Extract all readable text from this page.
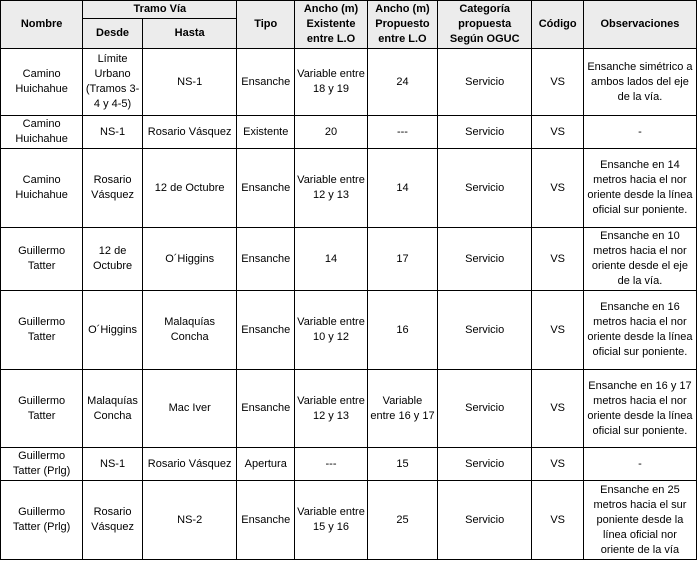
Nombre	Tramo Vía		Tipo	Ancho (m) Existente entre L.O	Ancho (m) Propuesto entre L.O	Categoría propuesta Según OGUC	Código	Observaciones
	Desde	Hasta						
Camino Huichahue	Límite Urbano (Tramos 3-4 y 4-5)	NS-1	Ensanche	Variable entre 18 y 19	24	Servicio	VS	Ensanche simétrico a ambos lados del eje de la vía.
Camino Huichahue	NS-1	Rosario Vásquez	Existente	20	---	Servicio	VS	-
Camino Huichahue	Rosario Vásquez	12 de Octubre	Ensanche	Variable entre 12 y 13	14	Servicio	VS	Ensanche en 14 metros hacia el nor oriente desde la línea oficial sur poniente.
Guillermo Tatter	12 de Octubre	O´Higgins	Ensanche	14	17	Servicio	VS	Ensanche en 10 metros hacia el nor oriente desde el eje de la vía.
Guillermo Tatter	O´Higgins	Malaquías Concha	Ensanche	Variable entre 10 y 12	16	Servicio	VS	Ensanche en 16 metros hacia el nor oriente desde la línea oficial sur poniente.
Guillermo Tatter	Malaquías Concha	Mac Iver	Ensanche	Variable entre 12 y 13	Variable entre 16 y 17	Servicio	VS	Ensanche en 16 y 17 metros hacia el nor oriente desde la línea oficial sur poniente.
Guillermo Tatter (Prlg)	NS-1	Rosario Vásquez	Apertura	---	15	Servicio	VS	-
Guillermo Tatter (Prlg)	Rosario Vásquez	NS-2	Ensanche	Variable entre 15 y 16	25	Servicio	VS	Ensanche en 25 metros hacia el sur poniente desde la línea oficial nor oriente de la vía
